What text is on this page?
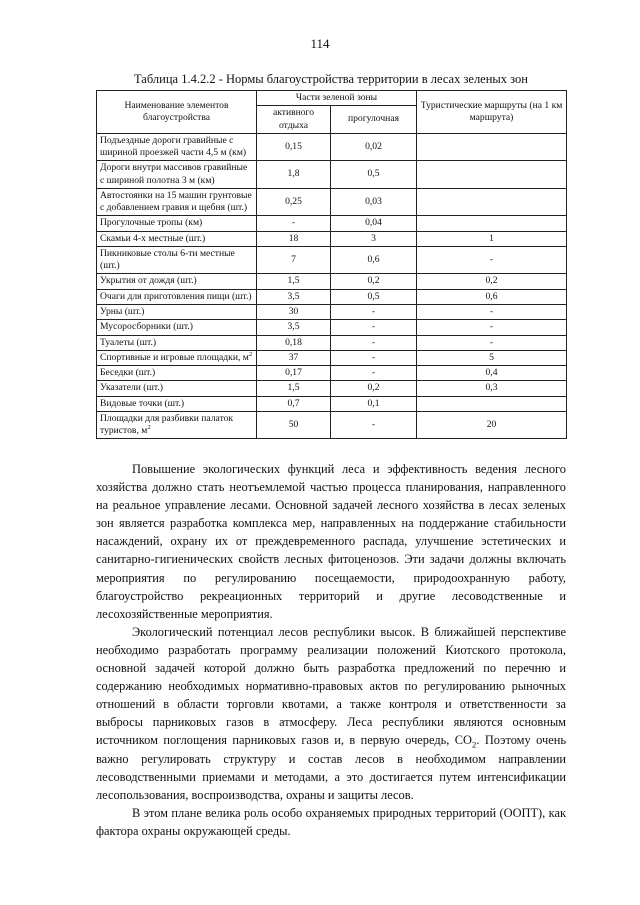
114
Таблица 1.4.2.2 - Нормы благоустройства территории в лесах зеленых зон
Наименование элементов благоустройства	Части зеленой зоны		Туристические маршруты (на 1 км маршрута)
	активного отдыха	прогулочная	
Подъездные дороги гравийные с шириной проезжей части 4,5 м (км)	0,15	0,02	
Дороги внутри массивов гравийные с шириной полотна 3 м (км)	1,8	0,5	
Автостоянки на 15 машин грунтовые с добавлением гравия и щебня (шт.)	0,25	0,03	
Прогулочные тропы (км)	-	0,04	
Скамьи 4-х местные (шт.)	18	3	1
Пикниковые столы 6-ти местные (шт.)	7	0,6	-
Укрытия от дождя (шт.)	1,5	0,2	0,2
Очаги для приготовления пищи (шт.)	3,5	0,5	0,6
Урны (шт.)	30	-	-
Мусоросборники (шт.)	3,5	-	-
Туалеты (шт.)	0,18	-	-
Спортивные и игровые площадки, $м^2$	37	-	5
Беседки (шт.)	0,17	-	0,4
Указатели (шт.)	1,5	0,2	0,3
Видовые точки (шт.)	0,7	0,1	
Площадки для разбивки палаток туристов, $м^2$	50	-	20

Повышение экологических функций леса и эффективность ведения лесного хозяйства должно стать неотъемлемой частью процесса планирования, направленного на реальное управление лесами. Основной задачей лесного хозяйства в лесах зеленых зон является разработка комплекса мер, направленных на поддержание стабильности насаждений, охрану их от преждевременного распада, улучшение эстетических и санитарно-гигиенических свойств лесных фитоценозов. Эти задачи должны включать мероприятия по регулированию посещаемости, природоохранную работу, благоустройство рекреационных территорий и другие лесоводственные и лесохозяйственные мероприятия.

Экологический потенциал лесов республики высок. В ближайшей перспективе необходимо разработать программу реализации положений Киотского протокола, основной задачей которой должно быть разработка предложений по перечню и содержанию необходимых нормативно-правовых актов по регулированию рыночных отношений в области торговли квотами, а также контроля и ответственности за выбросы парниковых газов в атмосферу. Леса республики являются основным источником поглощения парниковых газов и, в первую очередь, $CO_2$. Поэтому очень важно регулировать структуру и состав лесов в необходимом направлении лесоводственными приемами и методами, а это достигается путем интенсификации лесопользования, воспроизводства, охраны и защиты лесов.

В этом плане велика роль особо охраняемых природных территорий (ООПТ), как фактора охраны окружающей среды.
